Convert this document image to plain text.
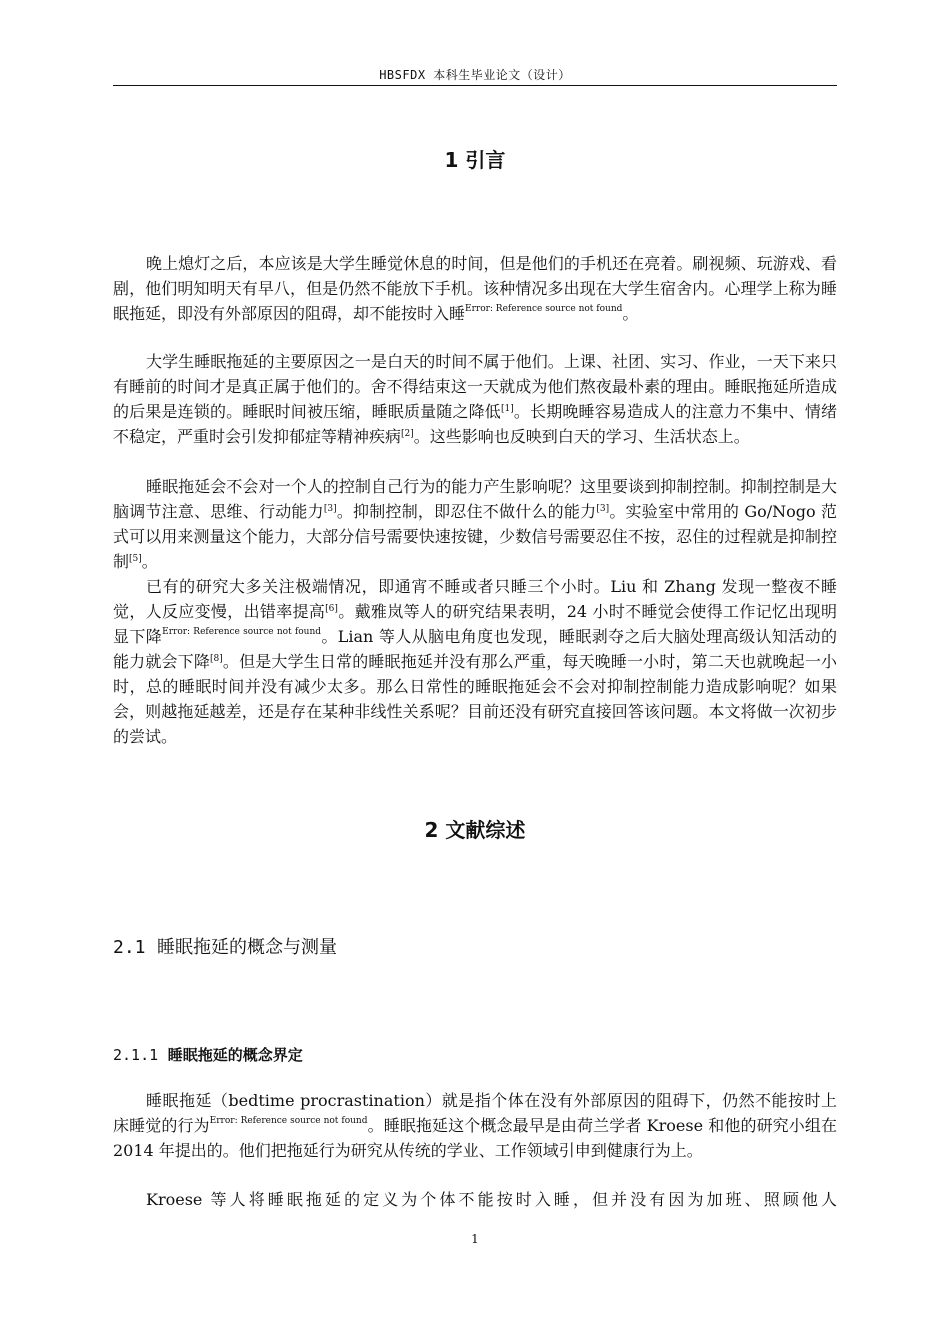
HBSFDX 本科生毕业论文（设计）
1 引言

晚上熄灯之后，本应该是大学生睡觉休息的时间，但是他们的手机还在亮着。刷视频、玩游戏、看剧，他们明知明天有早八，但是仍然不能放下手机。该种情况多出现在大学生宿舍内。心理学上称为睡眠拖延，即没有外部原因的阻碍，却不能按时入睡$^{Error: Reference source not found}$。

大学生睡眠拖延的主要原因之一是白天的时间不属于他们。上课、社团、实习、作业，一天下来只有睡前的时间才是真正属于他们的。舍不得结束这一天就成为他们熬夜最朴素的理由。睡眠拖延所造成的后果是连锁的。睡眠时间被压缩，睡眠质量随之降低[1]。长期晚睡容易造成人的注意力不集中、情绪不稳定，严重时会引发抑郁症等精神疾病[2]。这些影响也反映到白天的学习、生活状态上。

睡眠拖延会不会对一个人的控制自己行为的能力产生影响呢？这里要谈到抑制控制。抑制控制是大脑调节注意、思维、行动能力[3]。抑制控制，即忍住不做什么的能力[3]。实验室中常用的 Go/Nogo 范式可以用来测量这个能力，大部分信号需要快速按键，少数信号需要忍住不按，忍住的过程就是抑制控制[5]。

已有的研究大多关注极端情况，即通宵不睡或者只睡三个小时。Liu 和 Zhang 发现一整夜不睡觉，人反应变慢，出错率提高[6]。戴雅岚等人的研究结果表明，24 小时不睡觉会使得工作记忆出现明显下降$^{Error: Reference source not found}$。Lian 等人从脑电角度也发现，睡眠剥夺之后大脑处理高级认知活动的能力就会下降[8]。但是大学生日常的睡眠拖延并没有那么严重，每天晚睡一小时，第二天也就晚起一小时，总的睡眠时间并没有减少太多。那么日常性的睡眠拖延会不会对抑制控制能力造成影响呢？如果会，则越拖延越差，还是存在某种非线性关系呢？目前还没有研究直接回答该问题。本文将做一次初步的尝试。

2 文献综述
2.1 睡眠拖延的概念与测量
2.1.1 睡眠拖延的概念界定

睡眠拖延（bedtime procrastination）就是指个体在没有外部原因的阻碍下，仍然不能按时上床睡觉的行为$^{Error: Reference source not found}$。睡眠拖延这个概念最早是由荷兰学者 Kroese 和他的研究小组在 2014 年提出的。他们把拖延行为研究从传统的学业、工作领域引申到健康行为上。

Kroese 等人将睡眠拖延的定义为个体不能按时入睡，但并没有因为加班、照顾他人

1
